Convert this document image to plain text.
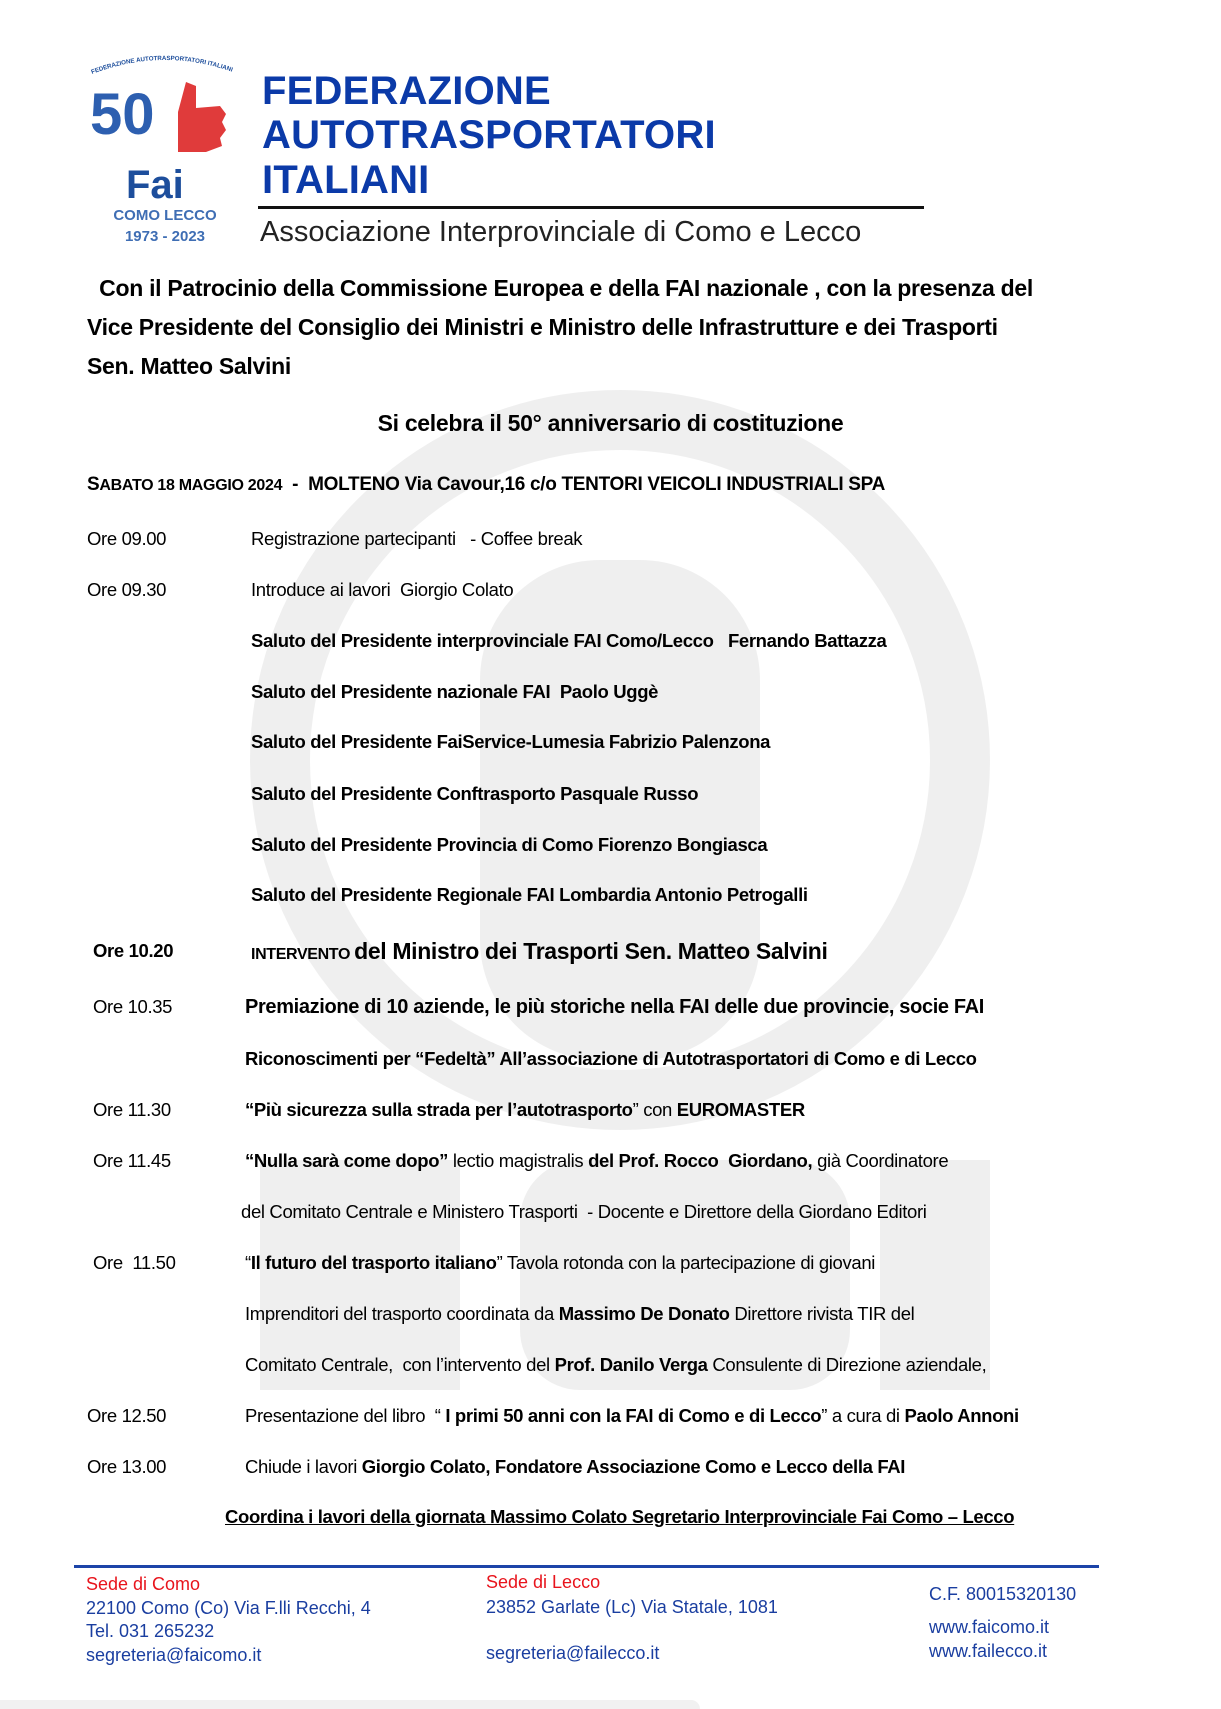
FEDERAZIONE AUTOTRASPORTATORI ITALIANI
50
Fai
COMO LECCO
1973 - 2023
FEDERAZIONE
AUTOTRASPORTATORI
ITALIANI
Associazione Interprovinciale di Como e Lecco
Con il Patrocinio della Commissione Europea e della FAI nazionale , con la presenza del
Vice Presidente del Consiglio dei Ministri e Ministro delle Infrastrutture e dei Trasporti
Sen. Matteo Salvini
Si celebra il 50° anniversario di costituzione
SABATO 18 MAGGIO 2024  -  MOLTENO Via Cavour,16 c/o TENTORI VEICOLI INDUSTRIALI SPA
Ore 09.00	Registrazione partecipanti   - Coffee break
Ore 09.30	Introduce ai lavori  Giorgio Colato
Saluto del Presidente interprovinciale FAI Como/Lecco   Fernando Battazza
Saluto del Presidente nazionale FAI  Paolo Uggè
Saluto del Presidente FaiService-Lumesia Fabrizio Palenzona
Saluto del Presidente Conftrasporto Pasquale Russo
Saluto del Presidente Provincia di Como Fiorenzo Bongiasca
Saluto del Presidente Regionale FAI Lombardia Antonio Petrogalli
Ore 10.20	INTERVENTO del Ministro dei Trasporti Sen. Matteo Salvini
Ore 10.35	Premiazione di 10 aziende, le più storiche nella FAI delle due provincie, socie FAI
Riconoscimenti per “Fedeltà” All’associazione di Autotrasportatori di Como e di Lecco
Ore 11.30	“Più sicurezza sulla strada per l’autotrasporto” con EUROMASTER
Ore 11.45	“Nulla sarà come dopo” lectio magistralis del Prof. Rocco  Giordano, già Coordinatore
del Comitato Centrale e Ministero Trasporti  - Docente e Direttore della Giordano Editori
Ore  11.50	“Il futuro del trasporto italiano” Tavola rotonda con la partecipazione di giovani
Imprenditori del trasporto coordinata da Massimo De Donato Direttore rivista TIR del
Comitato Centrale,  con l’intervento del Prof. Danilo Verga Consulente di Direzione aziendale,
Ore 12.50	Presentazione del libro  “ I primi 50 anni con la FAI di Como e di Lecco” a cura di Paolo Annoni
Ore 13.00	Chiude i lavori Giorgio Colato, Fondatore Associazione Como e Lecco della FAI
Coordina i lavori della giornata Massimo Colato Segretario Interprovinciale Fai Como – Lecco
Sede di Como
22100 Como (Co) Via F.lli Recchi, 4
Tel. 031 265232
segreteria@faicomo.it
Sede di Lecco
23852 Garlate (Lc) Via Statale, 1081
segreteria@failecco.it
C.F. 80015320130
www.faicomo.it
www.failecco.it
